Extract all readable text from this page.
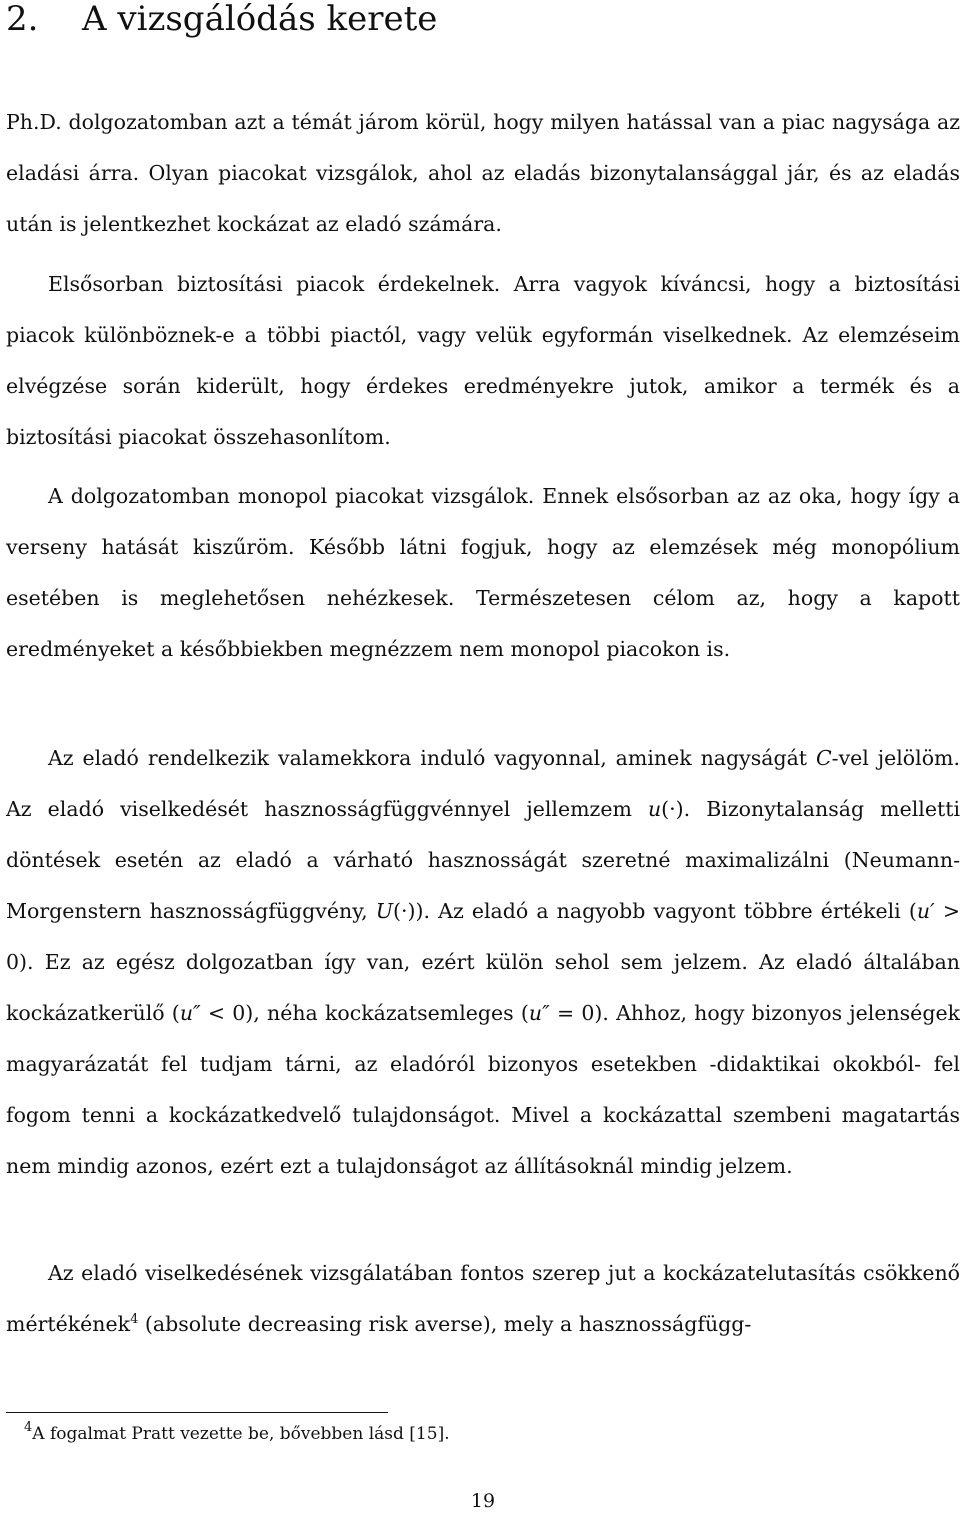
2. A vizsgálódás kerete

Ph.D. dolgozatomban azt a témát járom körül, hogy milyen hatással van a piac nagysága az eladási árra. Olyan piacokat vizsgálok, ahol az eladás bizonytalansággal jár, és az eladás után is jelentkezhet kockázat az eladó számára.

Elsősorban biztosítási piacok érdekelnek. Arra vagyok kíváncsi, hogy a biztosítási piacok különböznek-e a többi piactól, vagy velük egyformán viselkednek. Az elemzéseim elvégzése során kiderült, hogy érdekes eredményekre jutok, amikor a termék és a biztosítási piacokat összehasonlítom.

A dolgozatomban monopol piacokat vizsgálok. Ennek elsősorban az az oka, hogy így a verseny hatását kiszűröm. Később látni fogjuk, hogy az elemzések még monopólium esetében is meglehetősen nehézkesek. Természetesen célom az, hogy a kapott eredményeket a későbbiekben megnézzem nem monopol piacokon is.

Az eladó rendelkezik valamekkora induló vagyonnal, aminek nagyságát C-vel jelölöm. Az eladó viselkedését hasznosságfüggvénnyel jellemzem u(·). Bizonytalanság melletti döntések esetén az eladó a várható hasznosságát szeretné maximalizálni (Neumann-Morgenstern hasznosságfüggvény, U(·)). Az eladó a nagyobb vagyont többre értékeli (u′ > 0). Ez az egész dolgozatban így van, ezért külön sehol sem jelzem. Az eladó általában kockázatkerülő (u″ < 0), néha kockázatsemleges (u″ = 0). Ahhoz, hogy bizonyos jelenségek magyarázatát fel tudjam tárni, az eladóról bizonyos esetekben -didaktikai okokból- fel fogom tenni a kockázatkedvelő tulajdonságot. Mivel a kockázattal szembeni magatartás nem mindig azonos, ezért ezt a tulajdonságot az állításoknál mindig jelzem.

Az eladó viselkedésének vizsgálatában fontos szerep jut a kockázatelutasítás csökkenő mértékének$^4$ (absolute decreasing risk averse), mely a hasznosságfügg-

$^4$A fogalmat Pratt vezette be, bővebben lásd [15].

19
